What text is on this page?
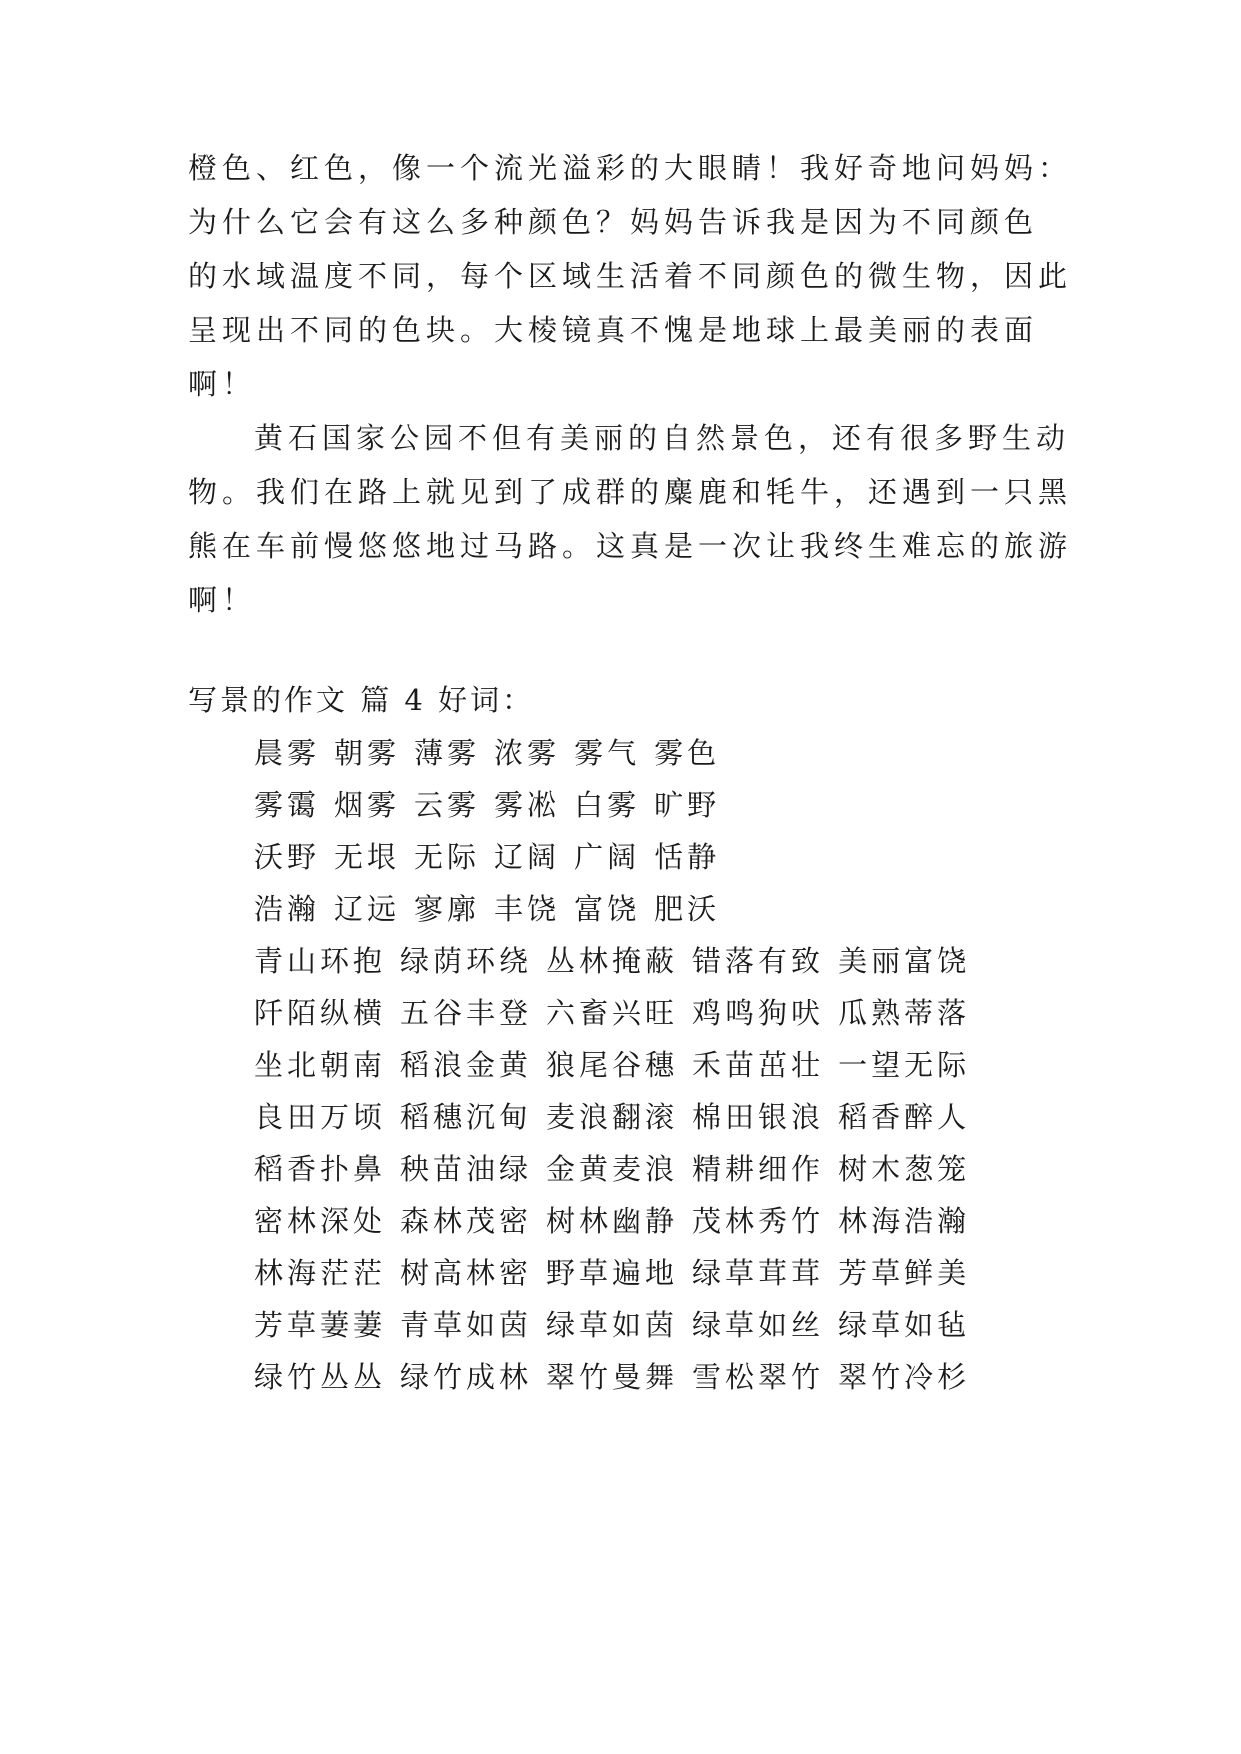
橙色、红色，像一个流光溢彩的大眼睛！我好奇地问妈妈：
为什么它会有这么多种颜色？妈妈告诉我是因为不同颜色
的水域温度不同，每个区域生活着不同颜色的微生物，因此
呈现出不同的色块。大棱镜真不愧是地球上最美丽的表面
啊！
黄石国家公园不但有美丽的自然景色，还有很多野生动
物。我们在路上就见到了成群的麋鹿和牦牛，还遇到一只黑
熊在车前慢悠悠地过马路。这真是一次让我终生难忘的旅游
啊！
写景的作文 篇 4 好词：
晨雾 朝雾 薄雾 浓雾 雾气 雾色
雾霭 烟雾 云雾 雾凇 白雾 旷野
沃野 无垠 无际 辽阔 广阔 恬静
浩瀚 辽远 寥廓 丰饶 富饶 肥沃
青山环抱 绿荫环绕 丛林掩蔽 错落有致 美丽富饶
阡陌纵横 五谷丰登 六畜兴旺 鸡鸣狗吠 瓜熟蒂落
坐北朝南 稻浪金黄 狼尾谷穗 禾苗茁壮 一望无际
良田万顷 稻穗沉甸 麦浪翻滚 棉田银浪 稻香醉人
稻香扑鼻 秧苗油绿 金黄麦浪 精耕细作 树木葱笼
密林深处 森林茂密 树林幽静 茂林秀竹 林海浩瀚
林海茫茫 树高林密 野草遍地 绿草茸茸 芳草鲜美
芳草萋萋 青草如茵 绿草如茵 绿草如丝 绿草如毡
绿竹丛丛 绿竹成林 翠竹曼舞 雪松翠竹 翠竹冷杉
